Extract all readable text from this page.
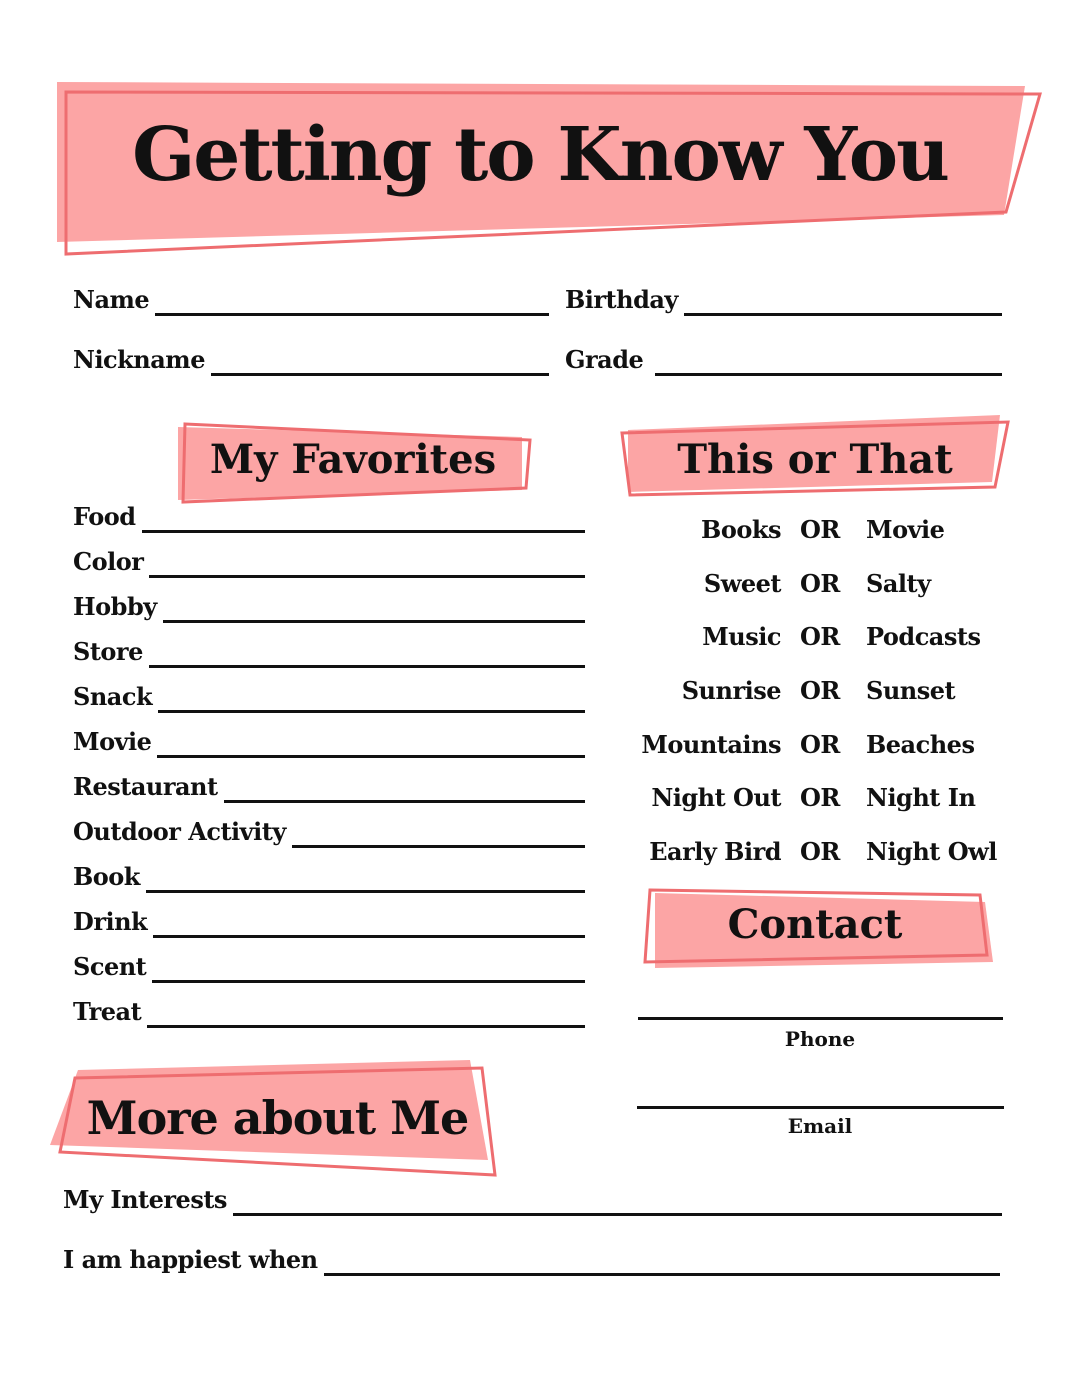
Getting to Know You
Name	Birthday
Nickname	Grade
My Favorites	This or That
Food
Color
Hobby
Store
Snack
Movie
Restaurant
Outdoor Activity
Book
Drink
Scent
Treat
Books OR Movie
Sweet OR Salty
Music OR Podcasts
Sunrise OR Sunset
Mountains OR Beaches
Night Out OR Night In
Early Bird OR Night Owl
Contact
Phone
Email
More about Me
My Interests
I am happiest when
